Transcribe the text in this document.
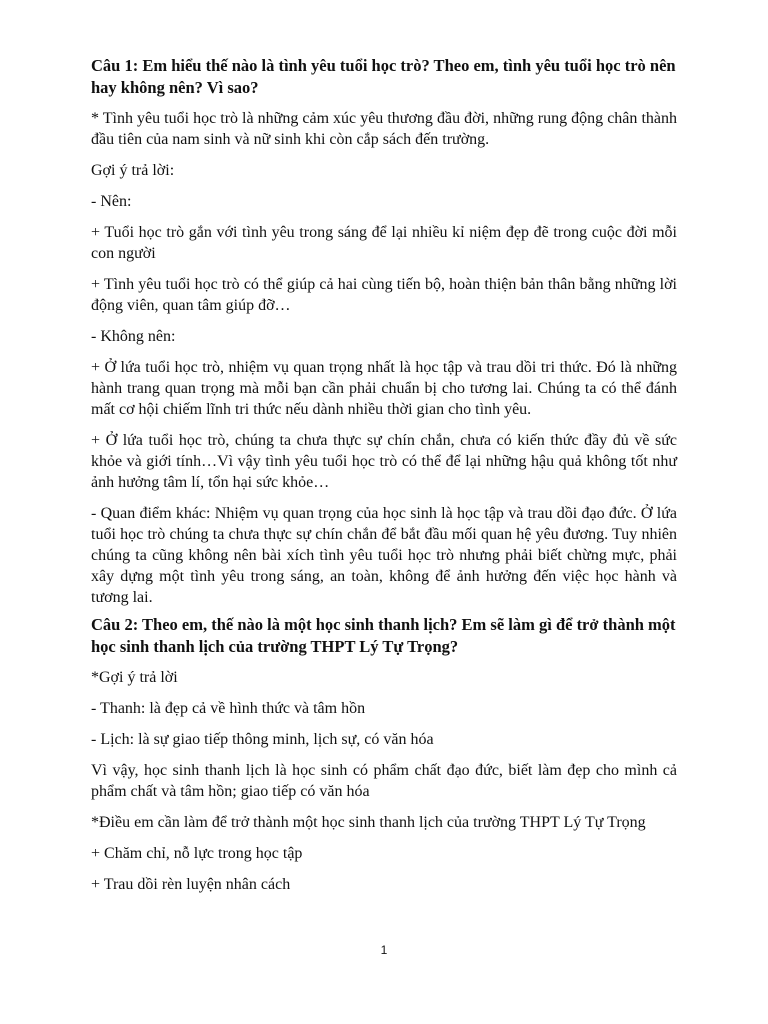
Câu 1: Em hiểu thế nào là tình yêu tuổi học trò? Theo em, tình yêu tuổi học trò nên hay không nên? Vì sao?
* Tình yêu tuổi học trò là những cảm xúc yêu thương đầu đời, những rung động chân thành đầu tiên của nam sinh và nữ sinh khi còn cắp sách đến trường.
Gợi ý trả lời:
- Nên:
+ Tuổi học trò gắn với tình yêu trong sáng để lại nhiều kỉ niệm đẹp đẽ trong cuộc đời mỗi con người
+ Tình yêu tuổi học trò có thể giúp cả hai cùng tiến bộ, hoàn thiện bản thân bằng những lời động viên, quan tâm giúp đỡ…
- Không nên:
+ Ở lứa tuổi học trò, nhiệm vụ quan trọng nhất là học tập và trau dồi tri thức. Đó là những hành trang quan trọng mà mỗi bạn cần phải chuẩn bị cho tương lai. Chúng ta có thể đánh mất cơ hội chiếm lĩnh tri thức nếu dành nhiều thời gian cho tình yêu.
+ Ở lứa tuổi học trò, chúng ta chưa thực sự chín chắn, chưa có kiến thức đầy đủ về sức khỏe và giới tính…Vì vậy tình yêu tuổi học trò có thể để lại những hậu quả không tốt như ảnh hưởng tâm lí, tổn hại sức khỏe…
- Quan điểm khác: Nhiệm vụ quan trọng của học sinh là học tập và trau dồi đạo đức. Ở lứa tuổi học trò chúng ta chưa thực sự chín chắn để bắt đầu mối quan hệ yêu đương. Tuy nhiên chúng ta cũng không nên bài xích tình yêu tuổi học trò nhưng phải biết chừng mực, phải xây dựng một tình yêu trong sáng, an toàn, không để ảnh hưởng đến việc học hành và tương lai.
Câu 2: Theo em, thế nào là một học sinh thanh lịch? Em sẽ làm gì để trở thành một học sinh thanh lịch của trường THPT Lý Tự Trọng?
*Gợi ý trả lời
- Thanh: là đẹp cả về hình thức và tâm hồn
- Lịch: là sự giao tiếp thông minh, lịch sự, có văn hóa
Vì vậy, học sinh thanh lịch là học sinh có phẩm chất đạo đức, biết làm đẹp cho mình cả phẩm chất và tâm hồn; giao tiếp có văn hóa
*Điều em cần làm để trở thành một học sinh thanh lịch của trường THPT Lý Tự Trọng
+ Chăm chỉ, nỗ lực trong học tập
+ Trau dồi rèn luyện nhân cách
1
